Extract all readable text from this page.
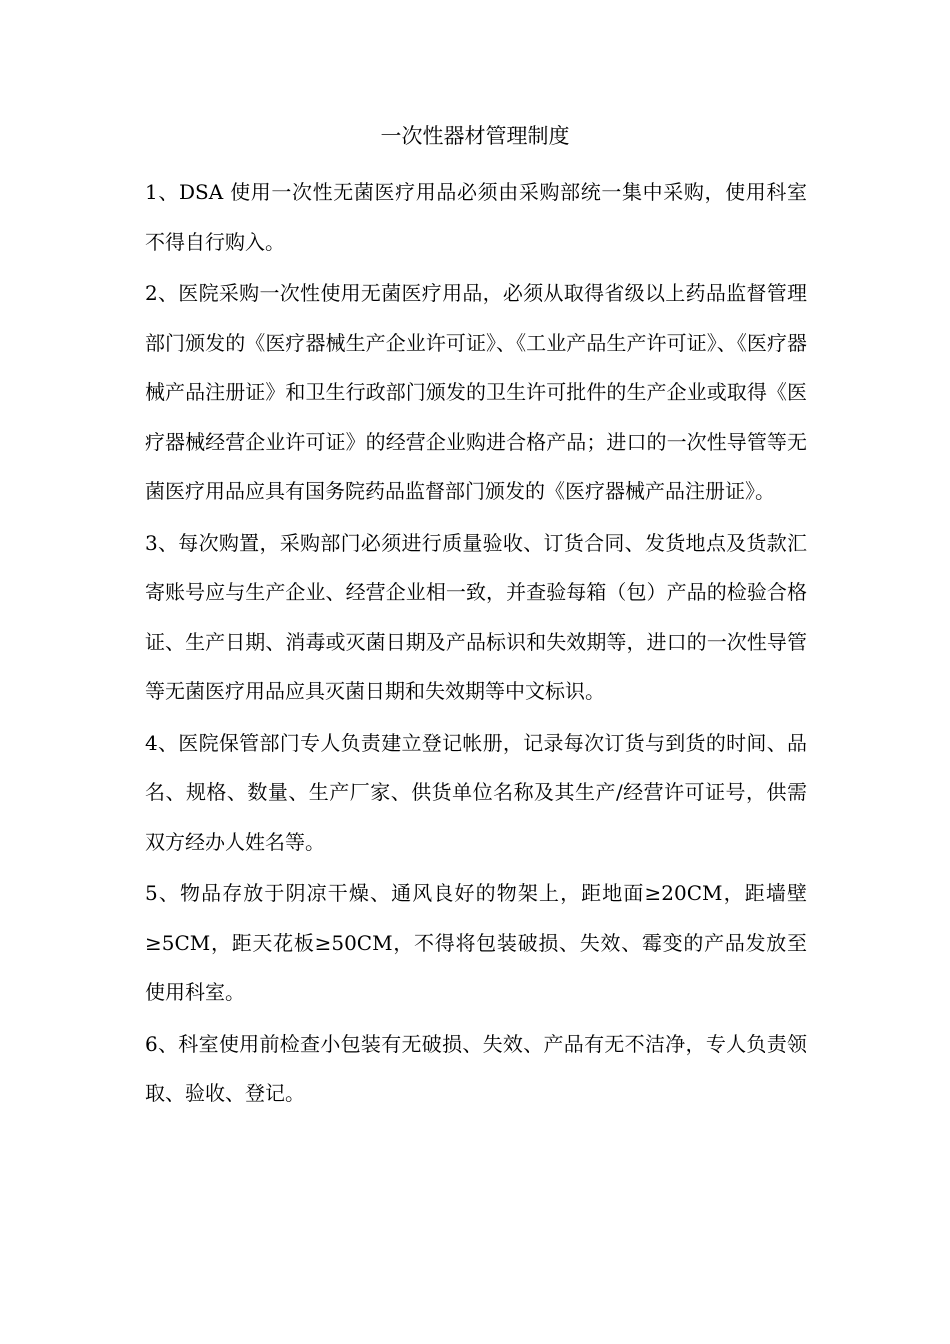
一次性器材管理制度

1、DSA 使用一次性无菌医疗用品必须由采购部统一集中采购，使用科室不得自行购入。

2、医院采购一次性使用无菌医疗用品，必须从取得省级以上药品监督管理部门颁发的《医疗器械生产企业许可证》、《工业产品生产许可证》、《医疗器械产品注册证》和卫生行政部门颁发的卫生许可批件的生产企业或取得《医疗器械经营企业许可证》的经营企业购进合格产品；进口的一次性导管等无菌医疗用品应具有国务院药品监督部门颁发的《医疗器械产品注册证》。

3、每次购置，采购部门必须进行质量验收、订货合同、发货地点及货款汇寄账号应与生产企业、经营企业相一致，并查验每箱（包）产品的检验合格证、生产日期、消毒或灭菌日期及产品标识和失效期等，进口的一次性导管等无菌医疗用品应具灭菌日期和失效期等中文标识。

4、医院保管部门专人负责建立登记帐册，记录每次订货与到货的时间、品名、规格、数量、生产厂家、供货单位名称及其生产/经营许可证号，供需双方经办人姓名等。

5、物品存放于阴凉干燥、通风良好的物架上，距地面≥20CM，距墙壁≥5CM，距天花板≥50CM，不得将包装破损、失效、霉变的产品发放至使用科室。

6、科室使用前检查小包装有无破损、失效、产品有无不洁净，专人负责领取、验收、登记。
